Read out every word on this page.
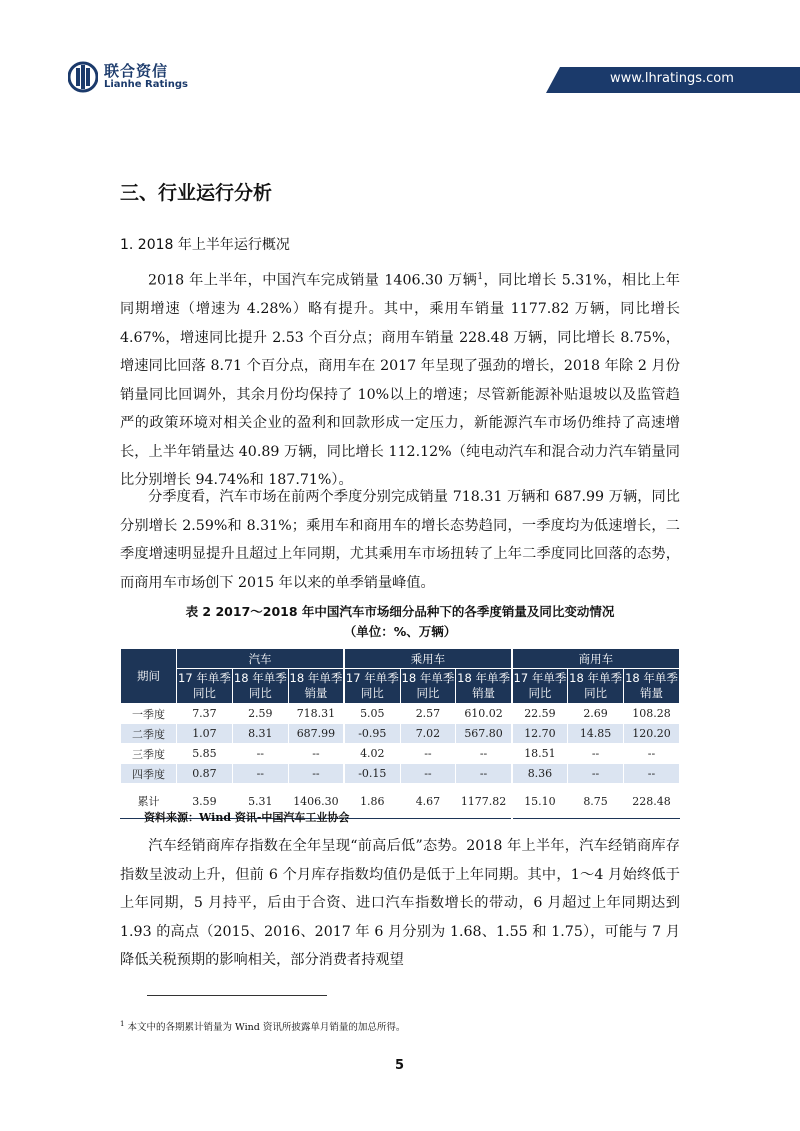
联合资信
Lianhe Ratings	www.lhratings.com
三、行业运行分析
1. 2018 年上半年运行概况

2018 年上半年，中国汽车完成销量 1406.30 万辆$^1$，同比增长 5.31%，相比上年同期增速（增速为 4.28%）略有提升。其中，乘用车销量 1177.82 万辆，同比增长 4.67%，增速同比提升 2.53 个百分点；商用车销量 228.48 万辆，同比增长 8.75%，增速同比回落 8.71 个百分点，商用车在 2017 年呈现了强劲的增长，2018 年除 2 月份销量同比回调外，其余月份均保持了 10%以上的增速；尽管新能源补贴退坡以及监管趋严的政策环境对相关企业的盈利和回款形成一定压力，新能源汽车市场仍维持了高速增长，上半年销量达 40.89 万辆，同比增长 112.12%（纯电动汽车和混合动力汽车销量同比分别增长 94.74%和 187.71%）。

分季度看，汽车市场在前两个季度分别完成销量 718.31 万辆和 687.99 万辆，同比分别增长 2.59%和 8.31%；乘用车和商用车的增长态势趋同，一季度均为低速增长，二季度增速明显提升且超过上年同期，尤其乘用车市场扭转了上年二季度同比回落的态势，而商用车市场创下 2015 年以来的单季销量峰值。

表 2 2017～2018 年中国汽车市场细分品种下的各季度销量及同比变动情况
（单位：%、万辆）
期间	汽车			乘用车			商用车		
	17 年单季同比	18 年单季同比	18 年单季销量	17 年单季同比	18 年单季同比	18 年单季销量	17 年单季同比	18 年单季同比	18 年单季销量
一季度	7.37	2.59	718.31	5.05	2.57	610.02	22.59	2.69	108.28
二季度	1.07	8.31	687.99	-0.95	7.02	567.80	12.70	14.85	120.20
三季度	5.85	--	--	4.02	--	--	18.51	--	--
四季度	0.87	--	--	-0.15	--	--	8.36	--	--
累计	3.59	5.31	1406.30	1.86	4.67	1177.82	15.10	8.75	228.48
资料来源：Wind 资讯-中国汽车工业协会

汽车经销商库存指数在全年呈现“前高后低”态势。2018 年上半年，汽车经销商库存指数呈波动上升，但前 6 个月库存指数均值仍是低于上年同期。其中，1～4 月始终低于上年同期，5 月持平，后由于合资、进口汽车指数增长的带动，6 月超过上年同期达到 1.93 的高点（2015、2016、2017 年 6 月分别为 1.68、1.55 和 1.75），可能与 7 月降低关税预期的影响相关，部分消费者持观望

$^1$ 本文中的各期累计销量为 Wind 资讯所披露单月销量的加总所得。
5
